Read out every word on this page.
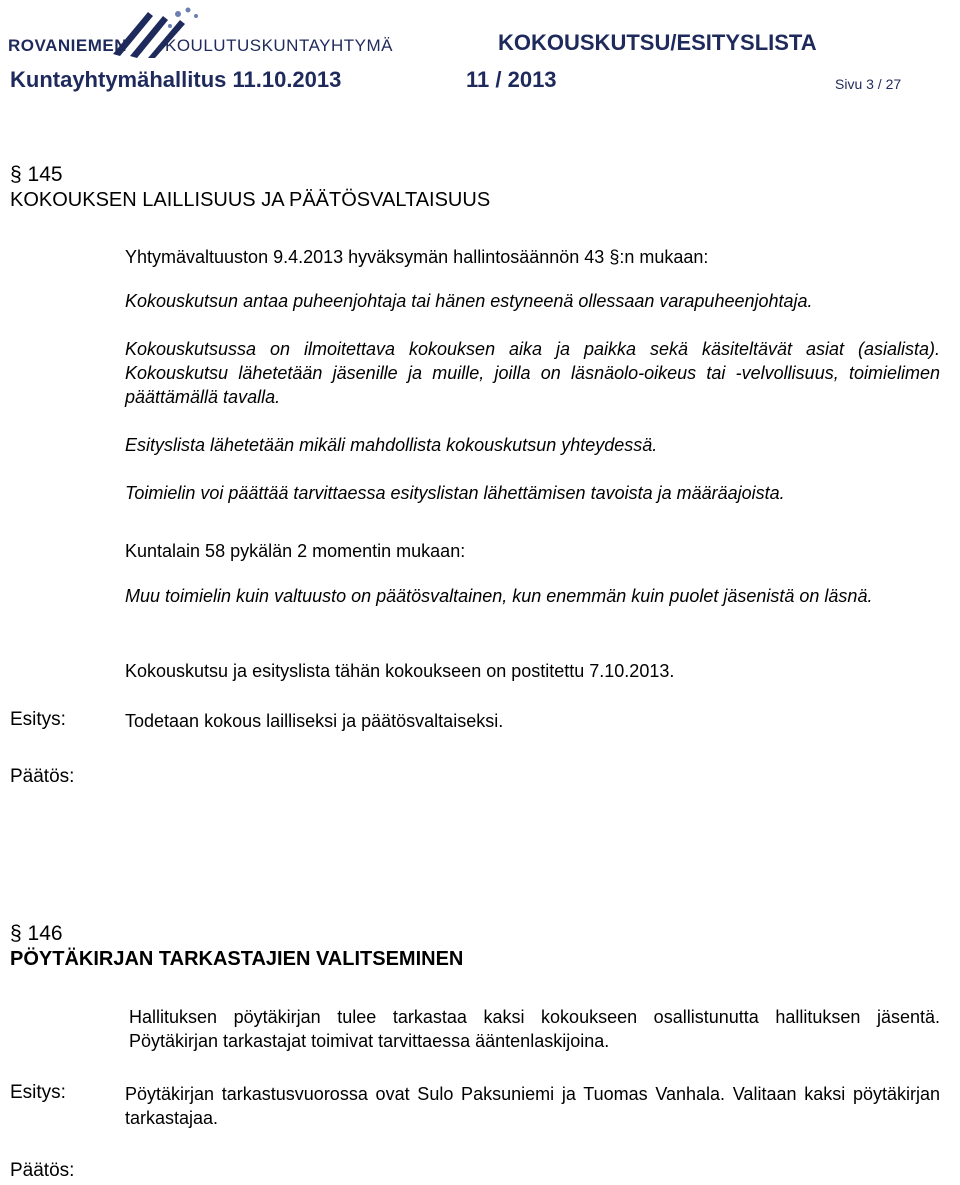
ROVANIEMEN KOULUTUSKUNTAYHTYMÄ	KOKOUSKUTSU/ESITYSLISTA
Kuntayhtymähallitus 11.10.2013	11 / 2013	Sivu 3 / 27
§ 145
KOKOUKSEN LAILLISUUS JA PÄÄTÖSVALTAISUUS
Yhtymävaltuuston 9.4.2013 hyväksymän hallintosäännön 43 §:n mukaan:
Kokouskutsun antaa puheenjohtaja tai hänen estyneenä ollessaan varapuheenjohtaja.
Kokouskutsussa on ilmoitettava kokouksen aika ja paikka sekä käsiteltävät asiat (asialista). Kokouskutsu lähetetään jäsenille ja muille, joilla on läsnäolo-oikeus tai -velvollisuus, toimielimen päättämällä tavalla.
Esityslista lähetetään mikäli mahdollista kokouskutsun yhteydessä.
Toimielin voi päättää tarvittaessa esityslistan lähettämisen tavoista ja määräajoista.
Kuntalain 58 pykälän 2 momentin mukaan:
Muu toimielin kuin valtuusto on päätösvaltainen, kun enemmän kuin puolet jäsenistä on läsnä.
Kokouskutsu ja esityslista tähän kokoukseen on postitettu 7.10.2013.
Esitys:	Todetaan kokous lailliseksi ja päätösvaltaiseksi.
Päätös:
§ 146
PÖYTÄKIRJAN TARKASTAJIEN VALITSEMINEN
Hallituksen pöytäkirjan tulee tarkastaa kaksi kokoukseen osallistunutta hallituksen jäsentä. Pöytäkirjan tarkastajat toimivat tarvittaessa ääntenlaskijoina.
Esitys:	Pöytäkirjan tarkastusvuorossa ovat Sulo Paksuniemi ja Tuomas Vanhala. Valitaan kaksi pöytäkirjan tarkastajaa.
Päätös:
